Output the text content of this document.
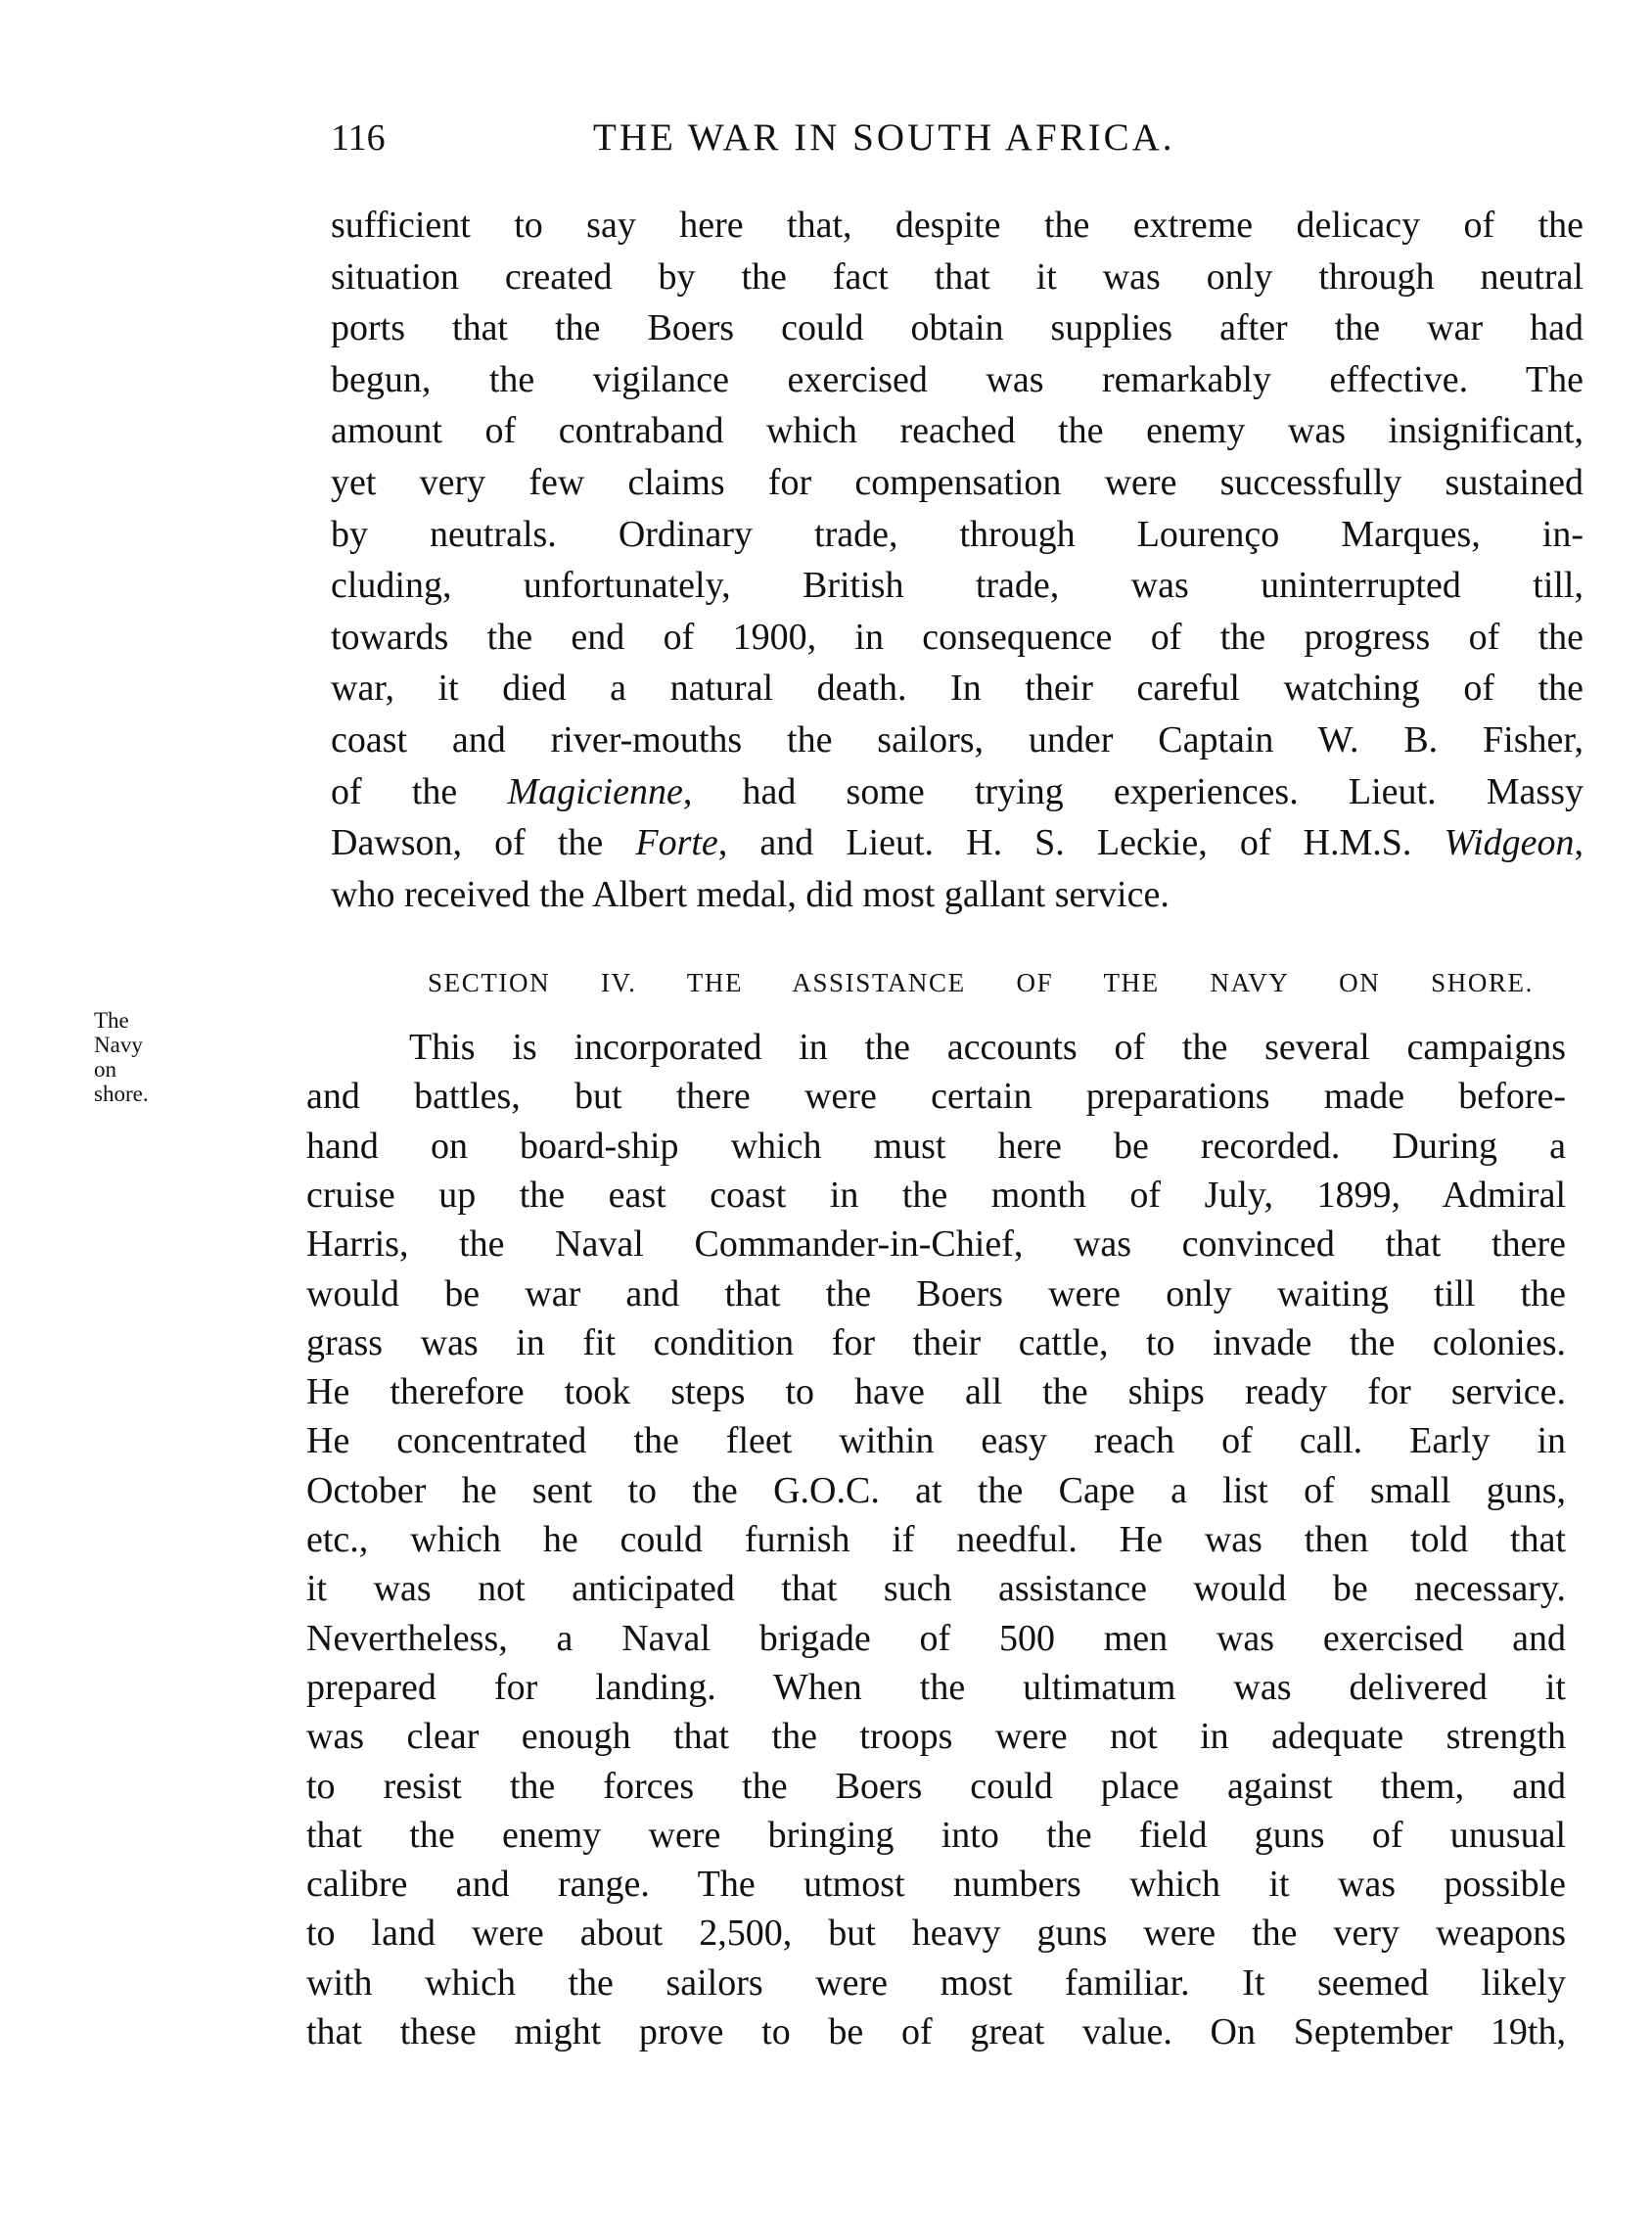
116	THE WAR IN SOUTH AFRICA.
sufficient to say here that, despite the extreme delicacy of the
situation created by the fact that it was only through neutral
ports that the Boers could obtain supplies after the war had
begun, the vigilance exercised was remarkably effective. The
amount of contraband which reached the enemy was insignificant,
yet very few claims for compensation were successfully sustained
by neutrals. Ordinary trade, through Lourenço Marques, in-
cluding, unfortunately, British trade, was uninterrupted till,
towards the end of 1900, in consequence of the progress of the
war, it died a natural death. In their careful watching of the
coast and river-mouths the sailors, under Captain W. B. Fisher,
of the Magicienne, had some trying experiences. Lieut. Massy
Dawson, of the Forte, and Lieut. H. S. Leckie, of H.M.S. Widgeon,
who received the Albert medal, did most gallant service.
SECTION IV. THE ASSISTANCE OF THE NAVY ON SHORE.
The
Navy
on
shore.
This is incorporated in the accounts of the several campaigns
and battles, but there were certain preparations made before-
hand on board-ship which must here be recorded. During a
cruise up the east coast in the month of July, 1899, Admiral
Harris, the Naval Commander-in-Chief, was convinced that there
would be war and that the Boers were only waiting till the
grass was in fit condition for their cattle, to invade the colonies.
He therefore took steps to have all the ships ready for service.
He concentrated the fleet within easy reach of call. Early in
October he sent to the G.O.C. at the Cape a list of small guns,
etc., which he could furnish if needful. He was then told that
it was not anticipated that such assistance would be necessary.
Nevertheless, a Naval brigade of 500 men was exercised and
prepared for landing. When the ultimatum was delivered it
was clear enough that the troops were not in adequate strength
to resist the forces the Boers could place against them, and
that the enemy were bringing into the field guns of unusual
calibre and range. The utmost numbers which it was possible
to land were about 2,500, but heavy guns were the very weapons
with which the sailors were most familiar. It seemed likely
that these might prove to be of great value. On September 19th,
